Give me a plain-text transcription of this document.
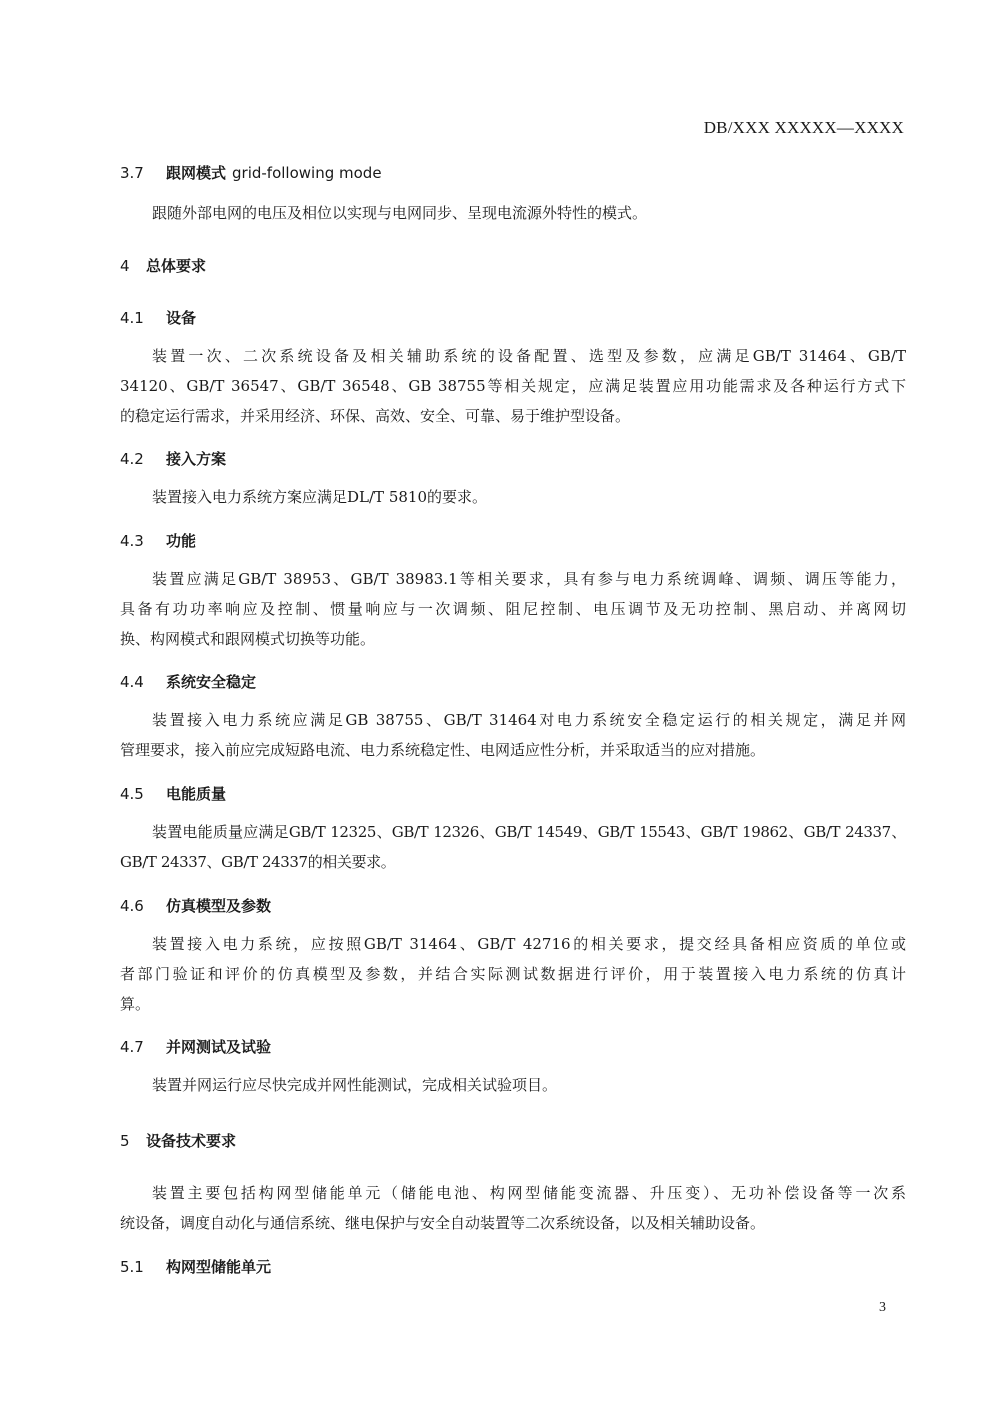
DB/XXX XXXXX—XXXX
3.7 跟网模式 grid-following mode
跟随外部电网的电压及相位以实现与电网同步、呈现电流源外特性的模式。
4 总体要求
4.1 设备
装置一次、二次系统设备及相关辅助系统的设备配置、选型及参数，应满足GB/T 31464、GB/T
34120、GB/T 36547、GB/T 36548、GB 38755等相关规定，应满足装置应用功能需求及各种运行方式下
的稳定运行需求，并采用经济、环保、高效、安全、可靠、易于维护型设备。
4.2 接入方案
装置接入电力系统方案应满足DL/T 5810的要求。
4.3 功能
装置应满足GB/T 38953、GB/T 38983.1等相关要求，具有参与电力系统调峰、调频、调压等能力，
具备有功功率响应及控制、惯量响应与一次调频、阻尼控制、电压调节及无功控制、黑启动、并离网切
换、构网模式和跟网模式切换等功能。
4.4 系统安全稳定
装置接入电力系统应满足GB 38755、GB/T 31464对电力系统安全稳定运行的相关规定，满足并网
管理要求，接入前应完成短路电流、电力系统稳定性、电网适应性分析，并采取适当的应对措施。
4.5 电能质量
装置电能质量应满足GB/T 12325、GB/T 12326、GB/T 14549、GB/T 15543、GB/T 19862、GB/T 24337、
GB/T 24337、GB/T 24337的相关要求。
4.6 仿真模型及参数
装置接入电力系统，应按照GB/T 31464、GB/T 42716的相关要求，提交经具备相应资质的单位或
者部门验证和评价的仿真模型及参数，并结合实际测试数据进行评价，用于装置接入电力系统的仿真计
算。
4.7 并网测试及试验
装置并网运行应尽快完成并网性能测试，完成相关试验项目。
5 设备技术要求
装置主要包括构网型储能单元（储能电池、构网型储能变流器、升压变）、无功补偿设备等一次系
统设备，调度自动化与通信系统、继电保护与安全自动装置等二次系统设备，以及相关辅助设备。
5.1 构网型储能单元
3
